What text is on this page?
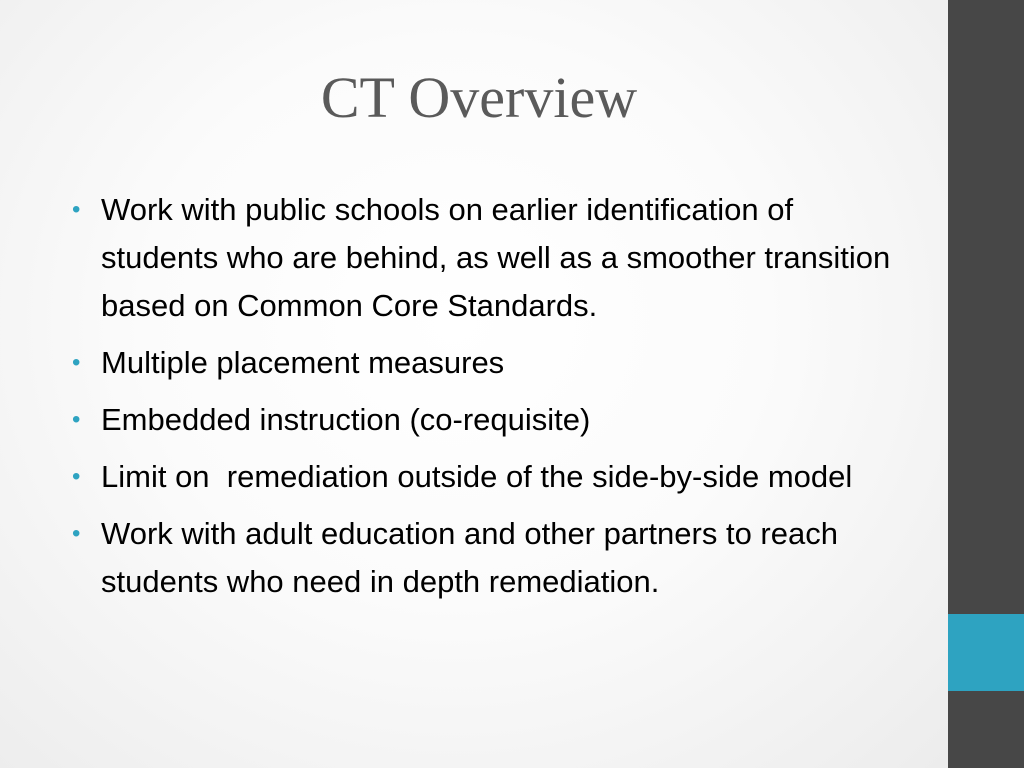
CT Overview
• Work with public schools on earlier identification of students who are behind, as well as a smoother transition based on Common Core Standards.
• Multiple placement measures
• Embedded instruction (co-requisite)
• Limit on  remediation outside of the side-by-side model
• Work with adult education and other partners to reach students who need in depth remediation.
